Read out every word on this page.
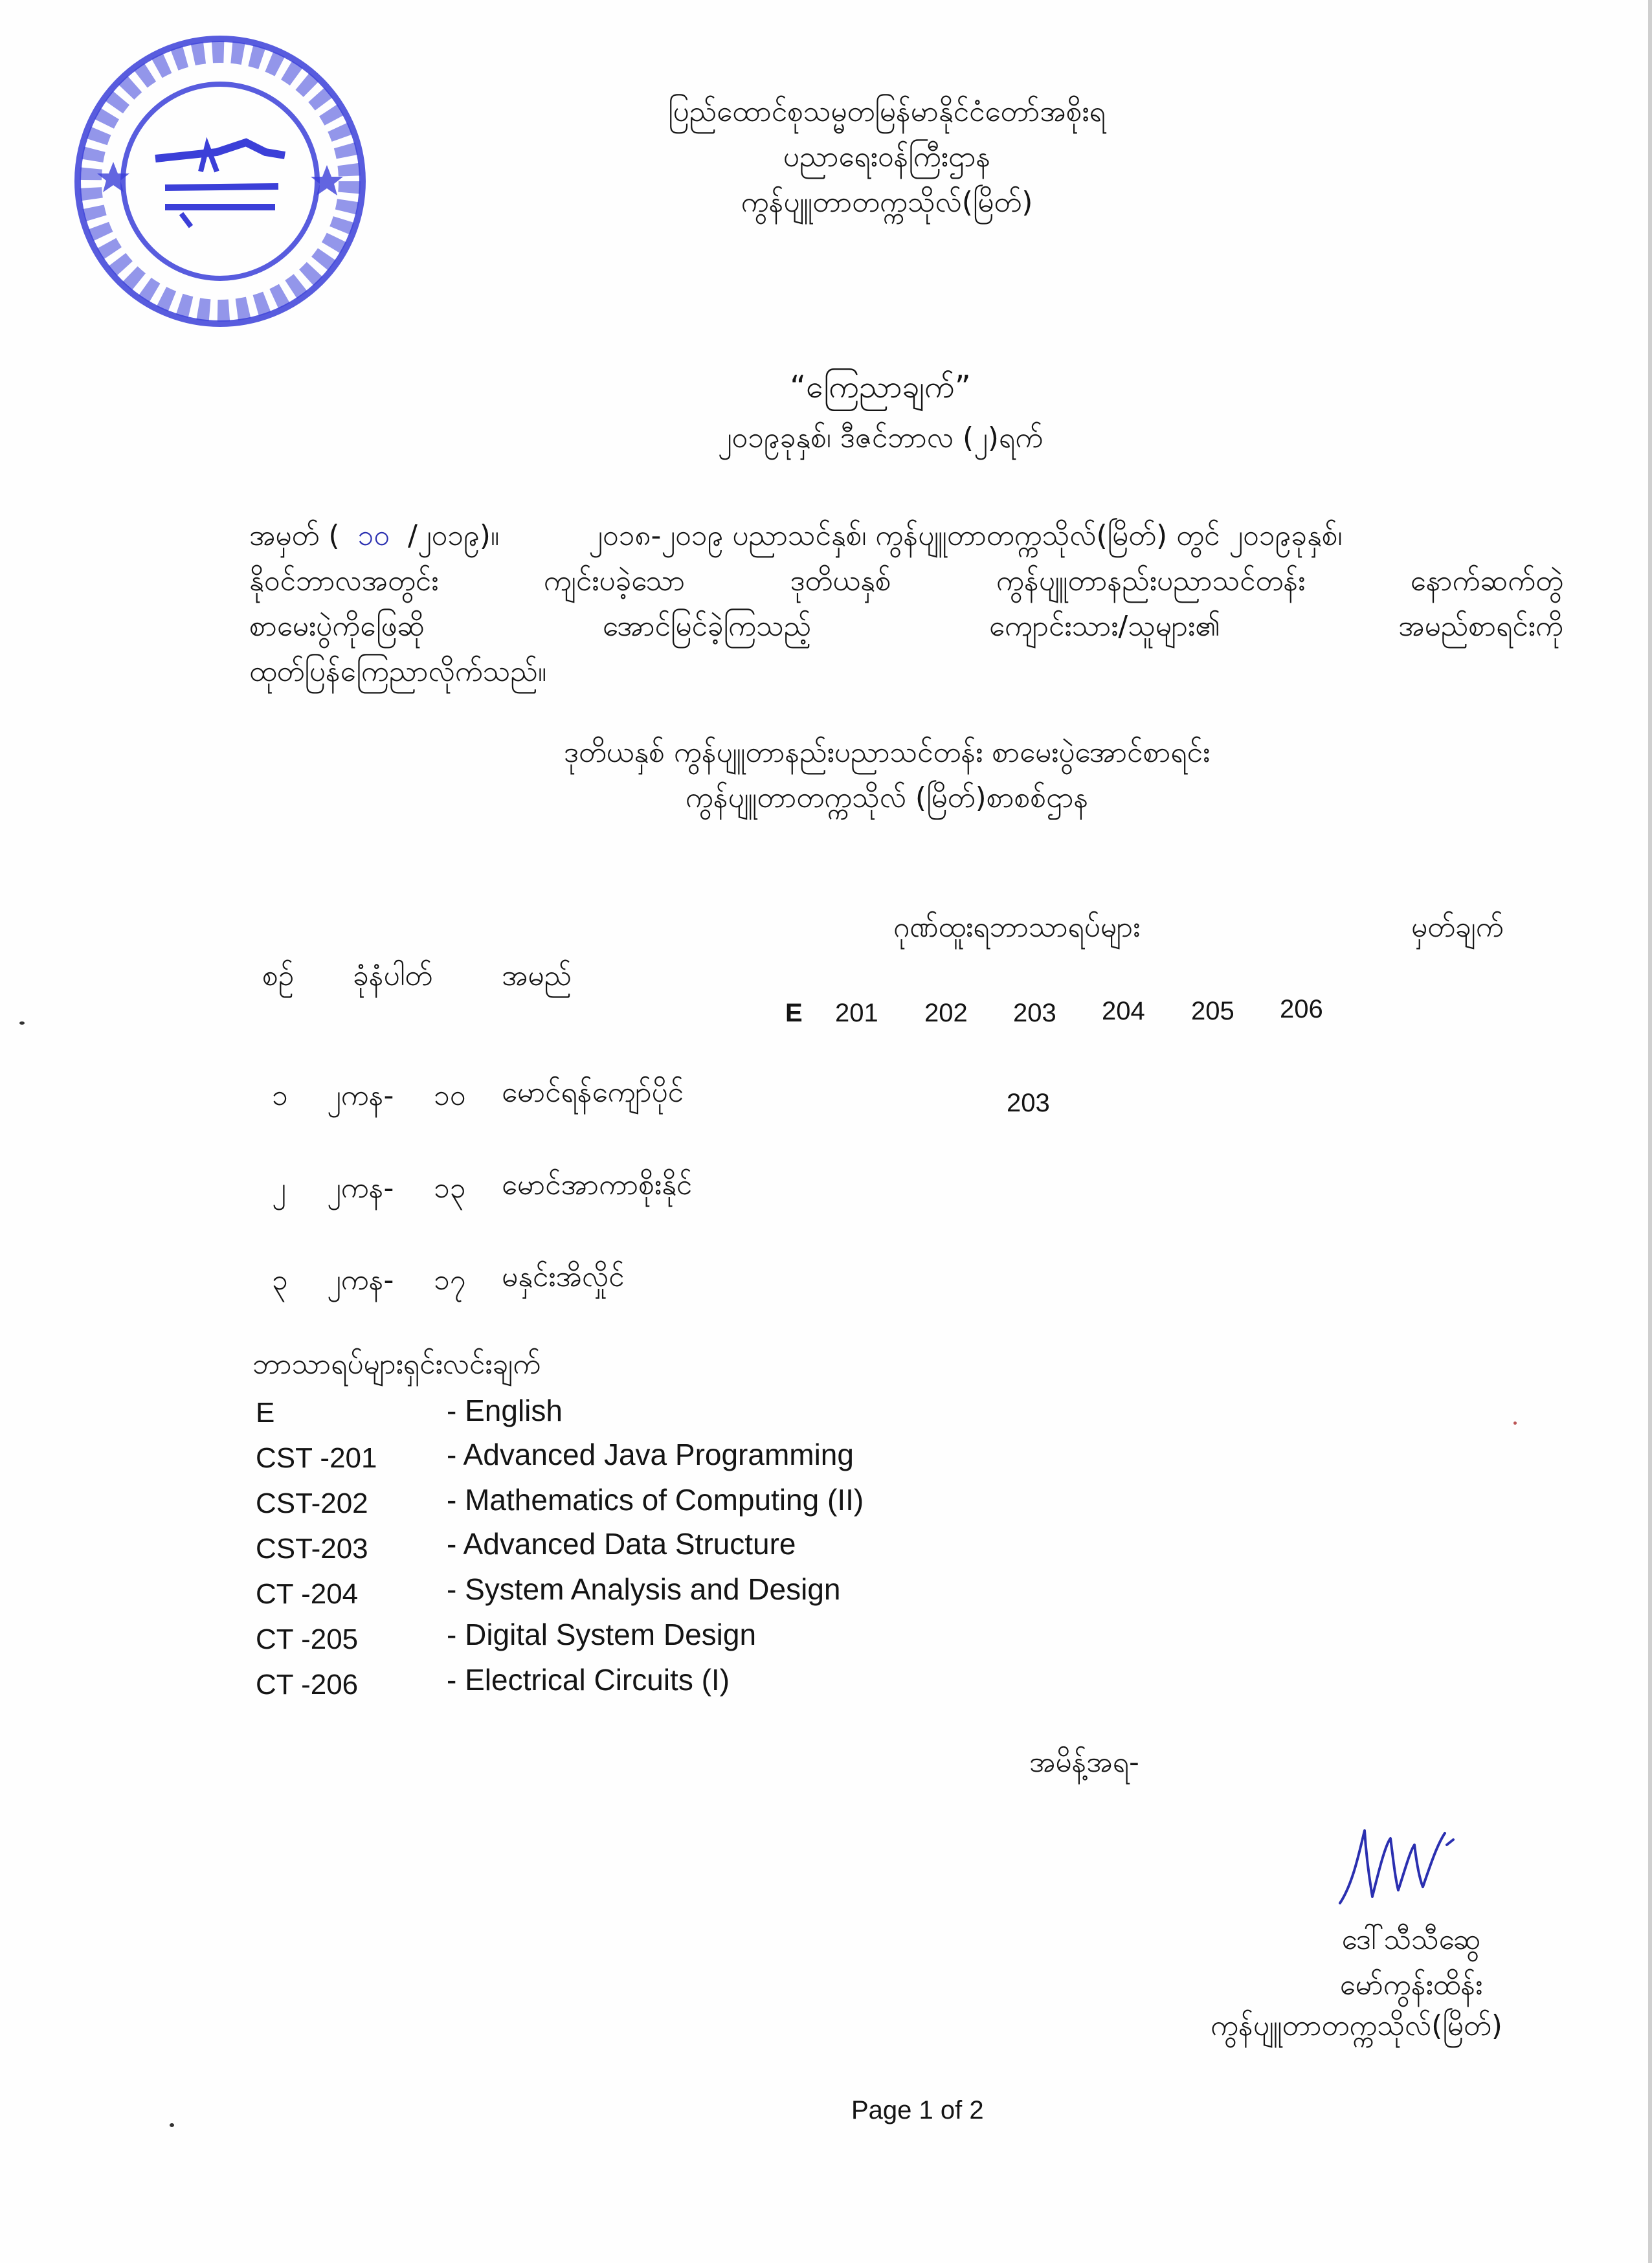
ပြည်ထောင်စုသမ္မတမြန်မာနိုင်ငံတော်အစိုးရ
ပညာရေးဝန်ကြီးဌာန
ကွန်ပျူတာတက္ကသိုလ်(မြိတ်)
“ကြေညာချက်”
၂၀၁၉ခုနှစ်၊ ဒီဇင်ဘာလ (၂)ရက်
အမှတ် ( ၁၀ /၂၀၁၉)။	၂၀၁၈-၂၀၁၉ ပညာသင်နှစ်၊ ကွန်ပျူတာတက္ကသိုလ်(မြိတ်) တွင် ၂၀၁၉ခုနှစ်၊
နိုဝင်ဘာလအတွင်း ကျင်းပခဲ့သော ဒုတိယနှစ် ကွန်ပျူတာနည်းပညာသင်တန်း နောက်ဆက်တွဲ
စာမေးပွဲကိုဖြေဆို အောင်မြင်ခဲ့ကြသည့် ကျောင်းသား/သူများ၏ အမည်စာရင်းကို
ထုတ်ပြန်ကြေညာလိုက်သည်။
ဒုတိယနှစ် ကွန်ပျူတာနည်းပညာသင်တန်း စာမေးပွဲအောင်စာရင်း
ကွန်ပျူတာတက္ကသိုလ် (မြိတ်)စာစစ်ဌာန
ဂုဏ်ထူးရဘာသာရပ်များ	မှတ်ချက်
စဉ် ခုံနံပါတ် အမည်
E 201 202 203 204 205 206
၁ ၂ကန- ၁၀ မောင်ရန်ကျော်ပိုင်	203
၂ ၂ကန- ၁၃ မောင်အာကာစိုးနိုင်
၃ ၂ကန- ၁၇ မနှင်းအိလှိုင်
ဘာသာရပ်များရှင်းလင်းချက်
E	- English
CST -201 - Advanced Java Programming
CST-202	- Mathematics of Computing (II)
CST-203	- Advanced Data Structure
CT -204	- System Analysis and Design
CT -205	- Digital System Design
CT -206	- Electrical Circuits (I)
အမိန့်အရ-
ဒေါ်သီသီဆွေ
မော်ကွန်းထိန်း
ကွန်ပျူတာတက္ကသိုလ်(မြိတ်)
Page 1 of 2
